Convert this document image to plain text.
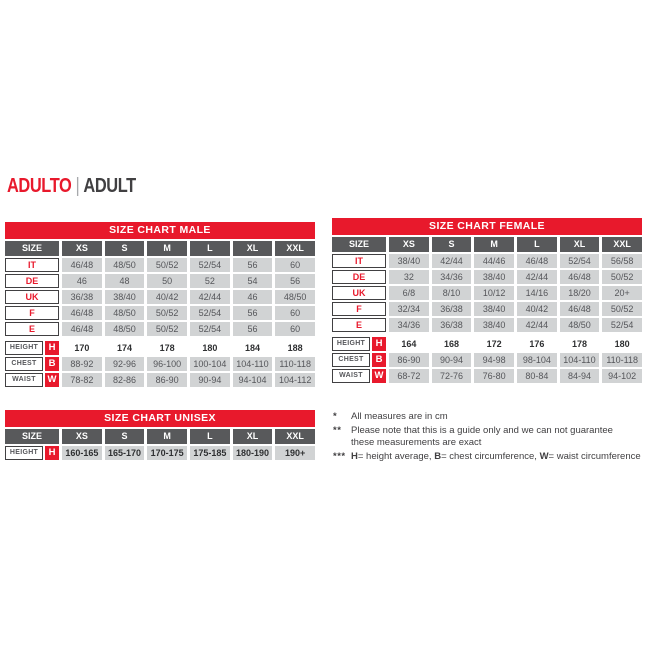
ADULTO | ADULT
SIZE CHART MALE
SIZE	XS	S	M	L	XL	XXL
IT	46/48	48/50	50/52	52/54	56	60
DE	46	48	50	52	54	56
UK	36/38	38/40	40/42	42/44	46	48/50
F	46/48	48/50	50/52	52/54	56	60
E	46/48	48/50	50/52	52/54	56	60
HEIGHT	H	170	174	178	180	184	188
CHEST	B	88-92	92-96	96-100	100-104	104-110	110-118
WAIST	W	78-82	82-86	86-90	90-94	94-104	104-112
SIZE CHART FEMALE
SIZE	XS	S	M	L	XL	XXL
IT	38/40	42/44	44/46	46/48	52/54	56/58
DE	32	34/36	38/40	42/44	46/48	50/52
UK	6/8	8/10	10/12	14/16	18/20	20+
F	32/34	36/38	38/40	40/42	46/48	50/52
E	34/36	36/38	38/40	42/44	48/50	52/54
HEIGHT	H	164	168	172	176	178	180
CHEST	B	86-90	90-94	94-98	98-104	104-110	110-118
WAIST	W	68-72	72-76	76-80	80-84	84-94	94-102
SIZE CHART UNISEX
SIZE	XS	S	M	L	XL	XXL
HEIGHT	H	160-165	165-170	170-175	175-185	180-190	190+
*	All measures are in cm
**	Please note that this is a guide only and we can not guarantee
these measurements are exact
*** H= height average, B= chest circumference, W= waist circumference
